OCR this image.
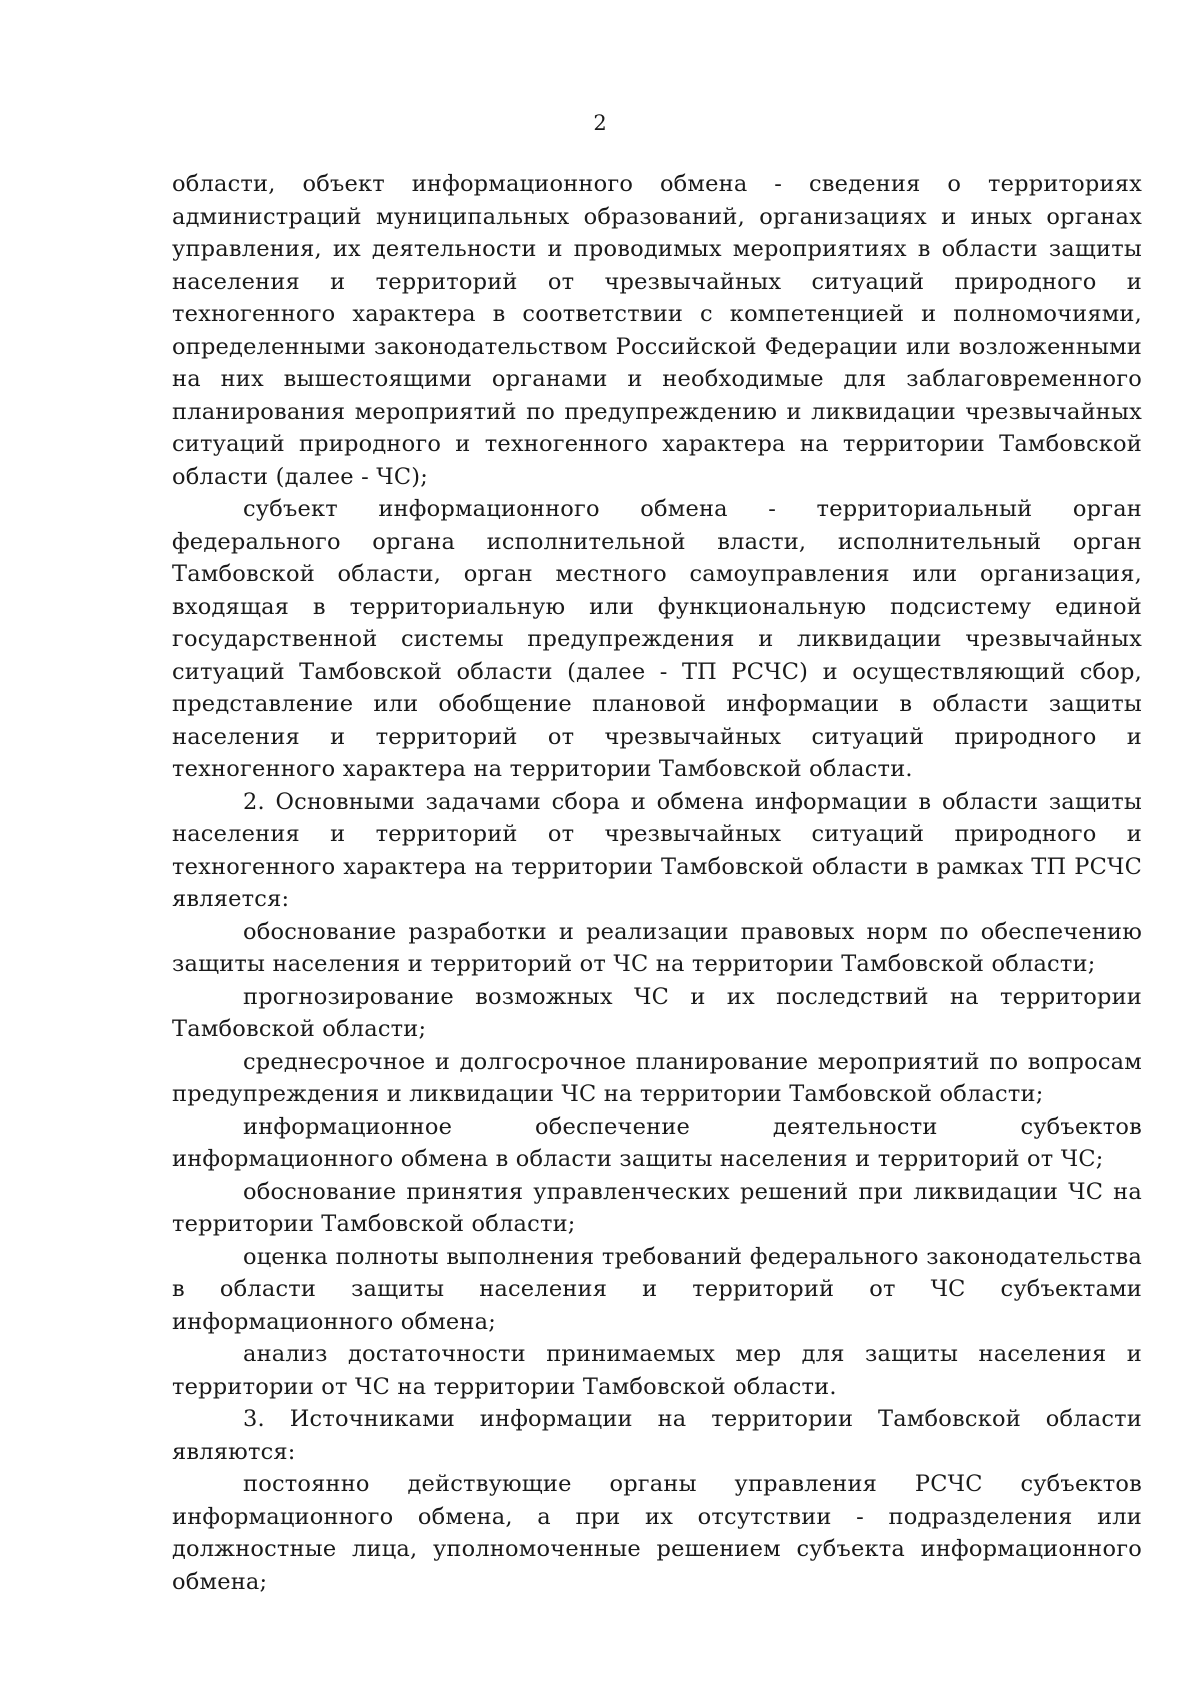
2

области, объект информационного обмена - сведения о территориях администраций муниципальных образований, организациях и иных органах управления, их деятельности и проводимых мероприятиях в области защиты населения и территорий от чрезвычайных ситуаций природного и техногенного характера в соответствии с компетенцией и полномочиями, определенными законодательством Российской Федерации или возложенными на них вышестоящими органами и необходимые для заблаговременного планирования мероприятий по предупреждению и ликвидации чрезвычайных ситуаций природного и техногенного характера на территории Тамбовской области (далее - ЧС);

субъект информационного обмена - территориальный орган федерального органа исполнительной власти, исполнительный орган Тамбовской области, орган местного самоуправления или организация, входящая в территориальную или функциональную подсистему единой государственной системы предупреждения и ликвидации чрезвычайных ситуаций Тамбовской области (далее - ТП РСЧС) и осуществляющий сбор, представление или обобщение плановой информации в области защиты населения и территорий от чрезвычайных ситуаций природного и техногенного характера на территории Тамбовской области.

2. Основными задачами сбора и обмена информации в области защиты населения и территорий от чрезвычайных ситуаций природного и техногенного характера на территории Тамбовской области в рамках ТП РСЧС является:

обоснование разработки и реализации правовых норм по обеспечению защиты населения и территорий от ЧС на территории Тамбовской области;

прогнозирование возможных ЧС и их последствий на территории Тамбовской области;

среднесрочное и долгосрочное планирование мероприятий по вопросам предупреждения и ликвидации ЧС на территории Тамбовской области;

информационное обеспечение деятельности субъектов информационного обмена в области защиты населения и территорий от ЧС;

обоснование принятия управленческих решений при ликвидации ЧС на территории Тамбовской области;

оценка полноты выполнения требований федерального законодательства в области защиты населения и территорий от ЧС субъектами информационного обмена;

анализ достаточности принимаемых мер для защиты населения и территории от ЧС на территории Тамбовской области.

3. Источниками информации на территории Тамбовской области являются:

постоянно действующие органы управления РСЧС субъектов информационного обмена, а при их отсутствии - подразделения или должностные лица, уполномоченные решением субъекта информационного обмена;
